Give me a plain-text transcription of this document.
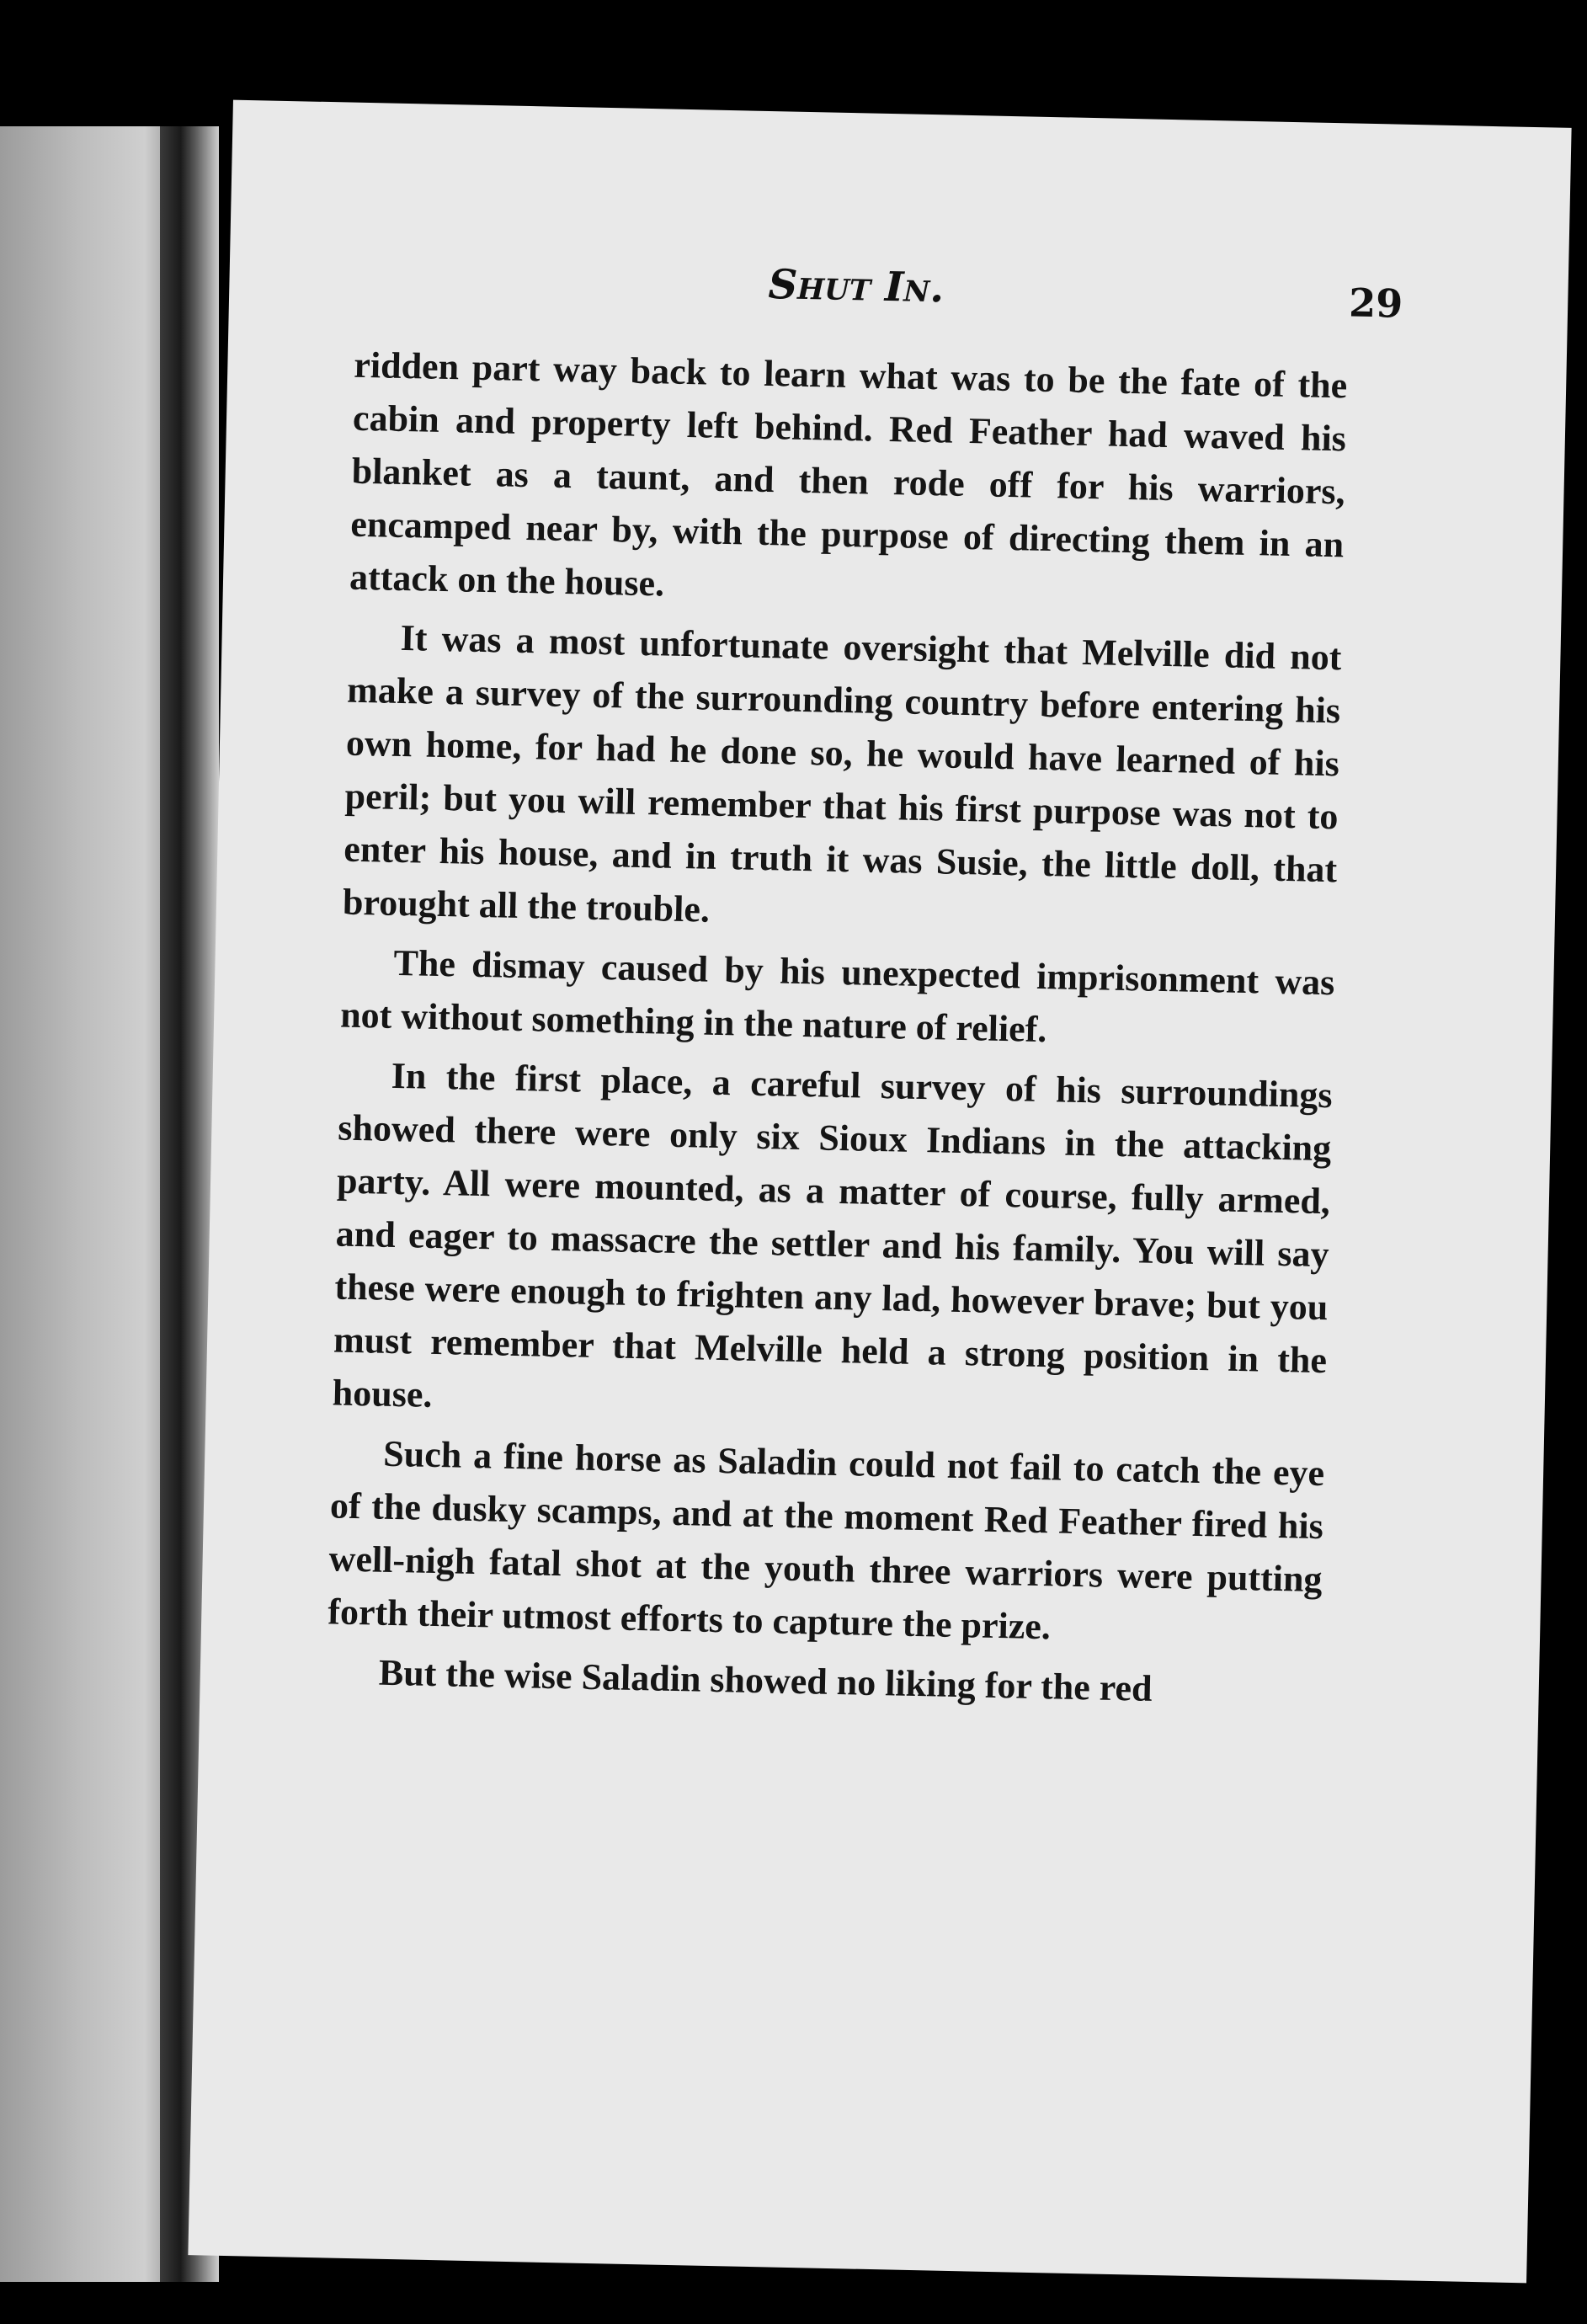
Shut In.	29

ridden part way back to learn what was to be the fate of the cabin and property left behind. Red Feather had waved his blanket as a taunt, and then rode off for his warriors, encamped near by, with the purpose of directing them in an attack on the house.

It was a most unfortunate oversight that Melville did not make a survey of the surrounding country before entering his own home, for had he done so, he would have learned of his peril; but you will remember that his first purpose was not to enter his house, and in truth it was Susie, the little doll, that brought all the trouble.

The dismay caused by his unexpected imprisonment was not without something in the nature of relief.

In the first place, a careful survey of his surroundings showed there were only six Sioux Indians in the attacking party. All were mounted, as a matter of course, fully armed, and eager to massacre the settler and his family. You will say these were enough to frighten any lad, however brave; but you must remember that Melville held a strong position in the house.

Such a fine horse as Saladin could not fail to catch the eye of the dusky scamps, and at the moment Red Feather fired his well-nigh fatal shot at the youth three warriors were putting forth their utmost efforts to capture the prize.

But the wise Saladin showed no liking for the red
